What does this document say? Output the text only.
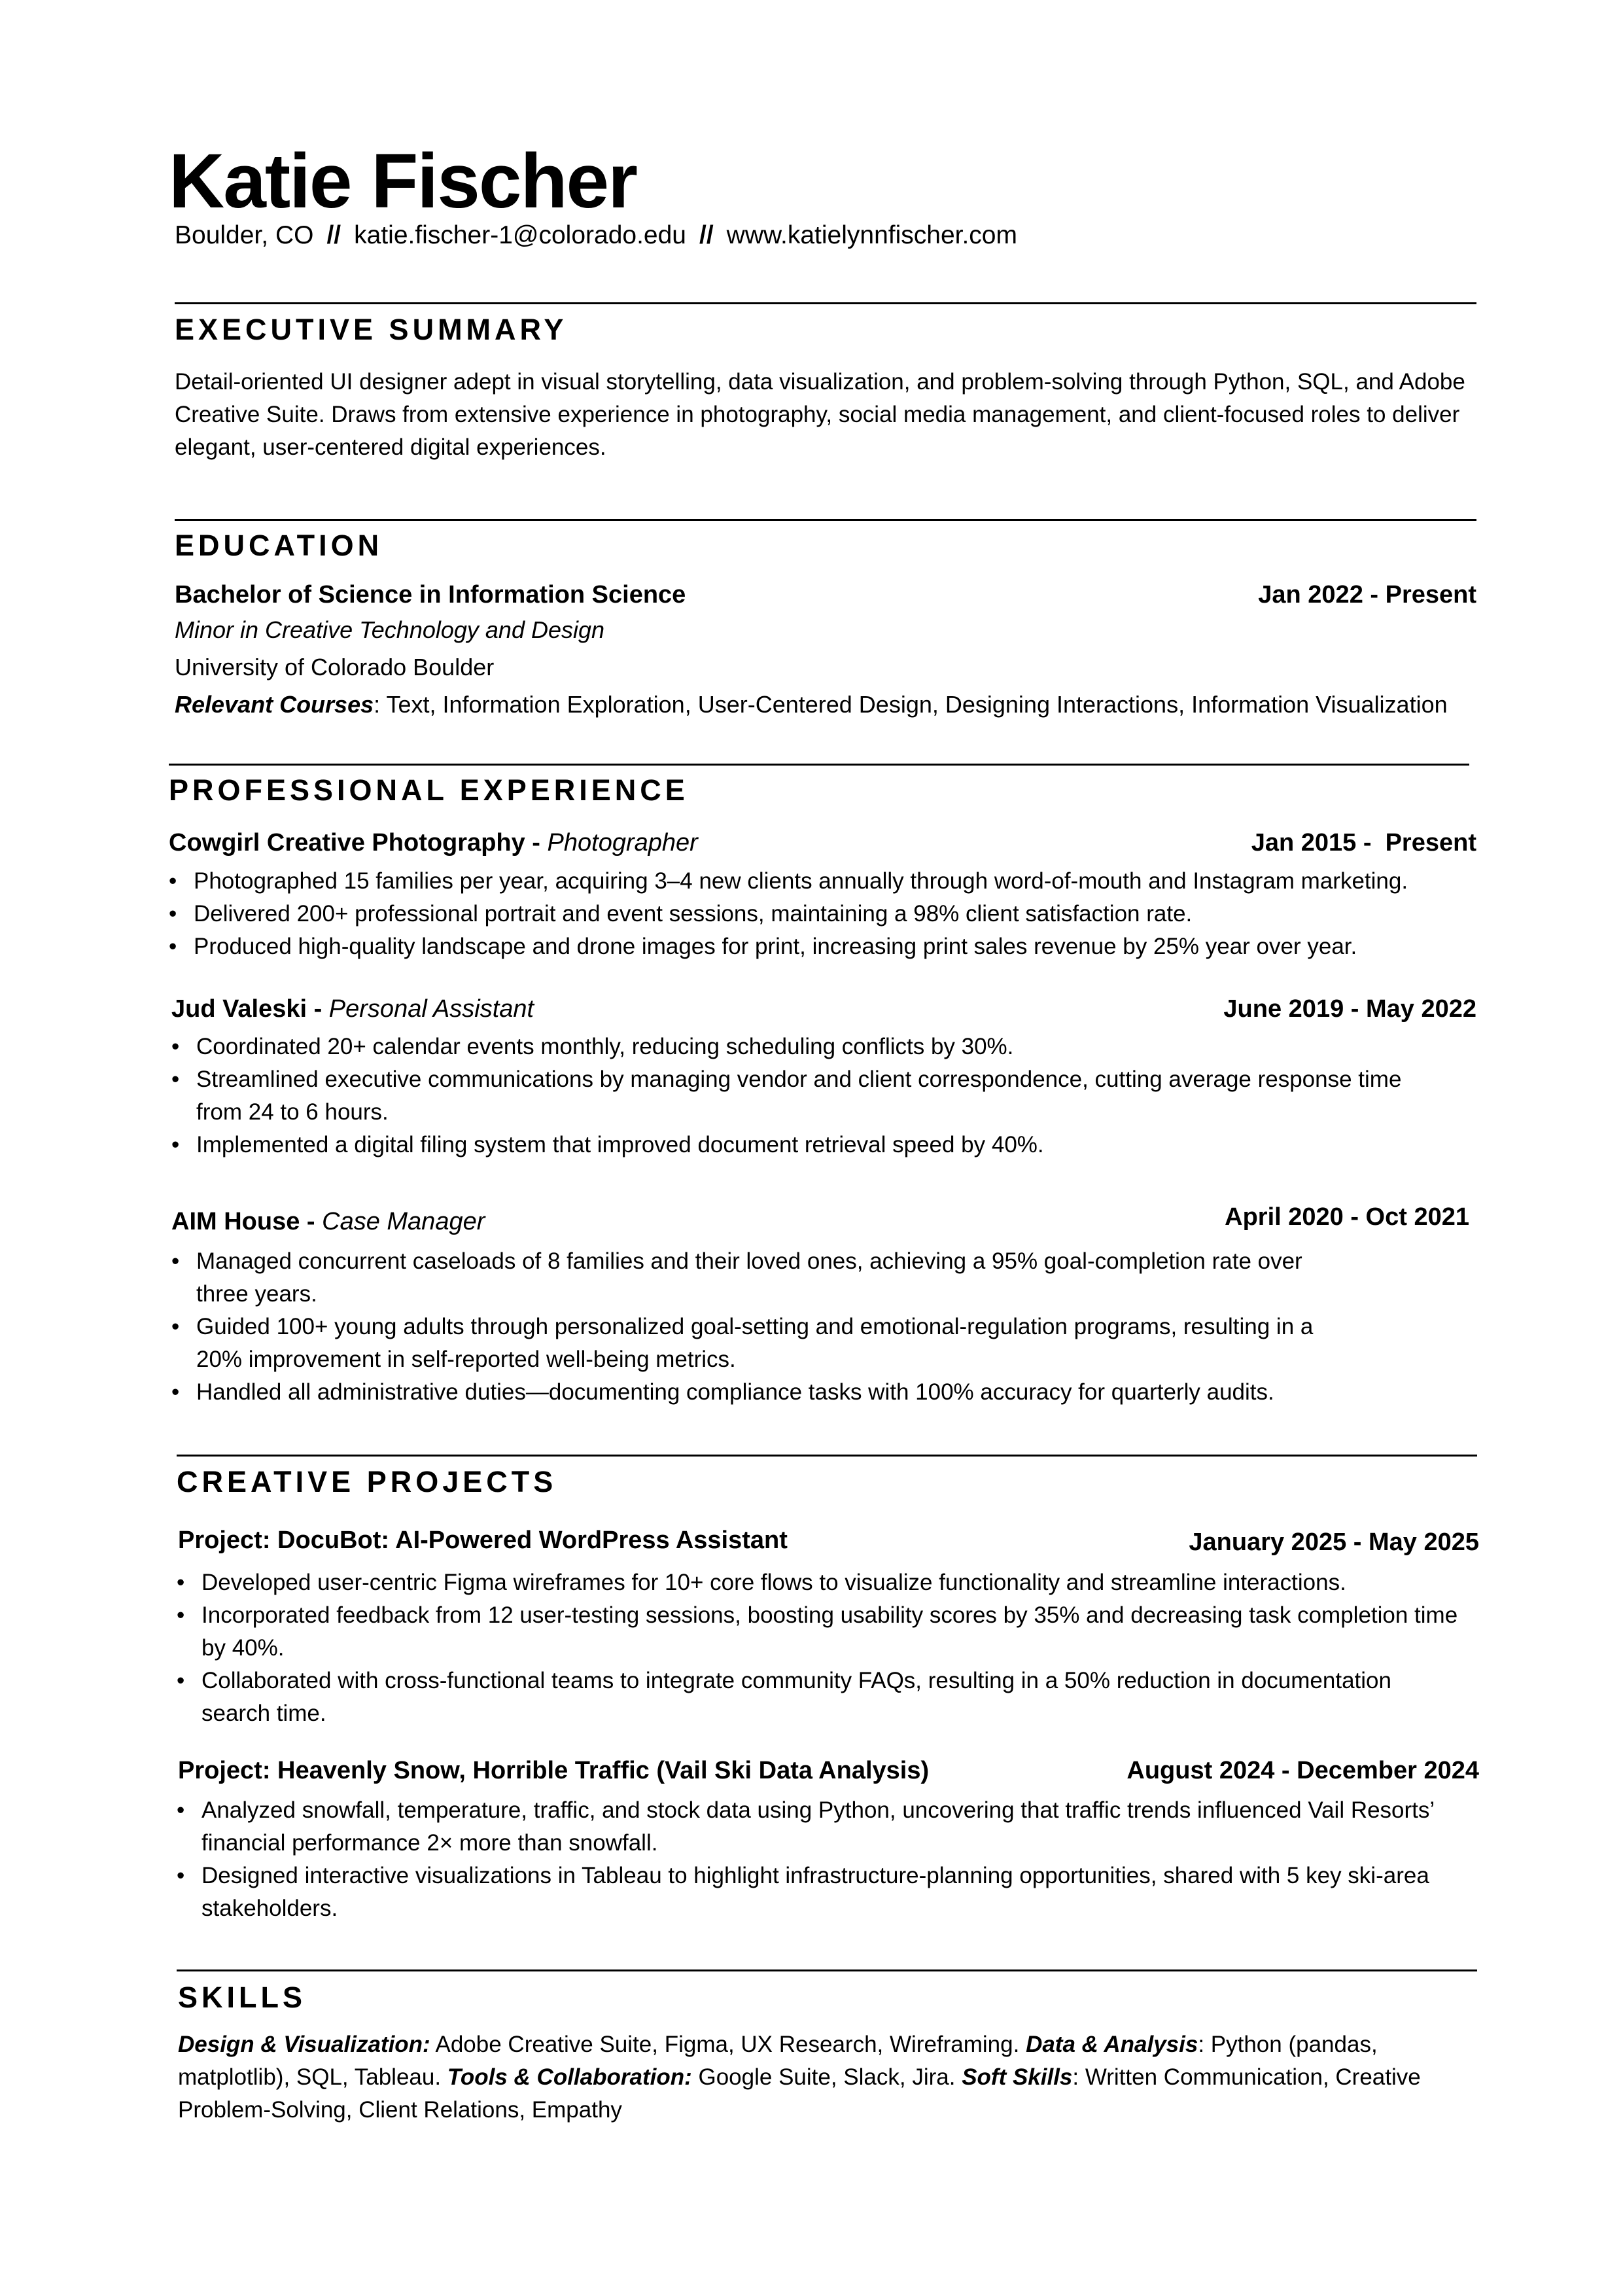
Katie Fischer
Boulder, CO // katie.fischer-1@colorado.edu // www.katielynnfischer.com
EXECUTIVE SUMMARY
Detail-oriented UI designer adept in visual storytelling, data visualization, and problem-solving through Python, SQL, and Adobe Creative Suite. Draws from extensive experience in photography, social media management, and client-focused roles to deliver elegant, user-centered digital experiences.
EDUCATION
Bachelor of Science in Information Science	Jan 2022 - Present
Minor in Creative Technology and Design
University of Colorado Boulder
Relevant Courses: Text, Information Exploration, User-Centered Design, Designing Interactions, Information Visualization
PROFESSIONAL EXPERIENCE
Cowgirl Creative Photography - Photographer	Jan 2015 -  Present
• Photographed 15 families per year, acquiring 3–4 new clients annually through word-of-mouth and Instagram marketing.
• Delivered 200+ professional portrait and event sessions, maintaining a 98% client satisfaction rate.
• Produced high-quality landscape and drone images for print, increasing print sales revenue by 25% year over year.
Jud Valeski - Personal Assistant	June 2019 - May 2022
• Coordinated 20+ calendar events monthly, reducing scheduling conflicts by 30%.
• Streamlined executive communications by managing vendor and client correspondence, cutting average response time from 24 to 6 hours.
• Implemented a digital filing system that improved document retrieval speed by 40%.
AIM House - Case Manager	April 2020 - Oct 2021
• Managed concurrent caseloads of 8 families and their loved ones, achieving a 95% goal-completion rate over three years.
• Guided 100+ young adults through personalized goal-setting and emotional-regulation programs, resulting in a 20% improvement in self-reported well-being metrics.
• Handled all administrative duties—documenting compliance tasks with 100% accuracy for quarterly audits.
CREATIVE PROJECTS
Project: DocuBot: AI-Powered WordPress Assistant	January 2025 - May 2025
• Developed user-centric Figma wireframes for 10+ core flows to visualize functionality and streamline interactions.
• Incorporated feedback from 12 user-testing sessions, boosting usability scores by 35% and decreasing task completion time by 40%.
• Collaborated with cross-functional teams to integrate community FAQs, resulting in a 50% reduction in documentation search time.
Project: Heavenly Snow, Horrible Traffic (Vail Ski Data Analysis)	August 2024 - December 2024
• Analyzed snowfall, temperature, traffic, and stock data using Python, uncovering that traffic trends influenced Vail Resorts’ financial performance 2× more than snowfall.
• Designed interactive visualizations in Tableau to highlight infrastructure-planning opportunities, shared with 5 key ski-area stakeholders.
SKILLS
Design & Visualization: Adobe Creative Suite, Figma, UX Research, Wireframing. Data & Analysis: Python (pandas, matplotlib), SQL, Tableau. Tools & Collaboration: Google Suite, Slack, Jira. Soft Skills: Written Communication, Creative Problem-Solving, Client Relations, Empathy
